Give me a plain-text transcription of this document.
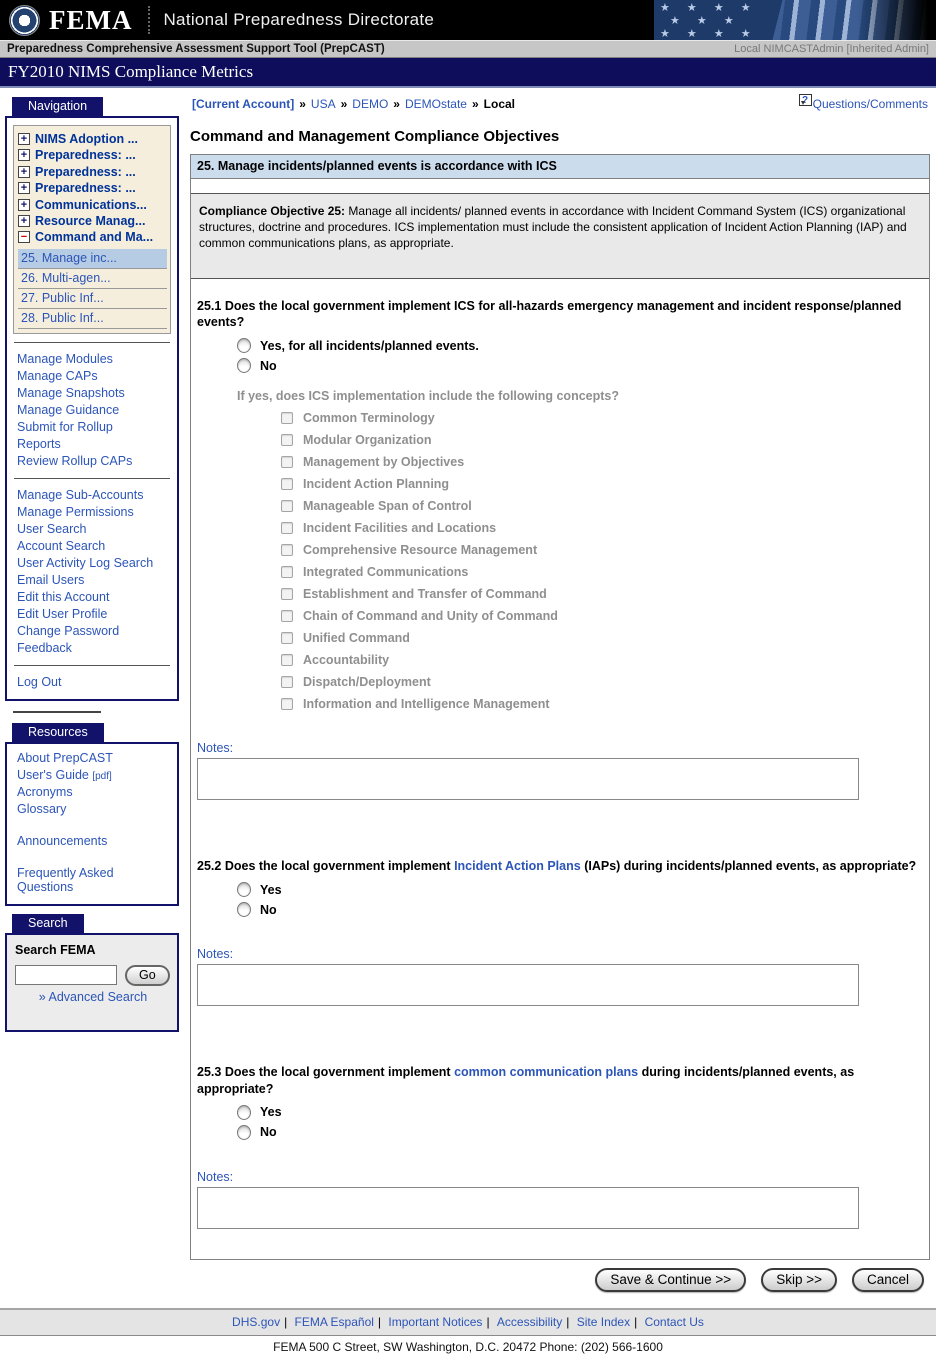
FEMA National Preparedness Directorate
★ ★ ★ ★
★ ★ ★
★ ★ ★ ★
Preparedness Comprehensive Assessment Support Tool (PrepCAST)	Local NIMCASTAdmin [Inherited Admin]
FY2010 NIMS Compliance Metrics
Navigation
+ NIMS Adoption ...
+ Preparedness: ...
+ Preparedness: ...
+ Preparedness: ...
+ Communications...
+ Resource Manag...
− Command and Ma...
25. Manage inc...
26. Multi-agen...
27. Public Inf...
28. Public Inf...
Manage Modules
Manage CAPs
Manage Snapshots
Manage Guidance
Submit for Rollup
Reports
Review Rollup CAPs
Manage Sub-Accounts
Manage Permissions
User Search
Account Search
User Activity Log Search
Email Users
Edit this Account
Edit User Profile
Change Password
Feedback
Log Out
Resources
About PrepCAST
User's Guide [pdf]
Acronyms
Glossary
Announcements
Frequently Asked Questions
Search
Search FEMA
Go
» Advanced Search
[Current Account] » USA » DEMO » DEMOstate » Local	? Questions/Comments
Command and Management Compliance Objectives
25. Manage incidents/planned events is accordance with ICS
Compliance Objective 25: Manage all incidents/ planned events in accordance with Incident Command System (ICS) organizational structures, doctrine and procedures. ICS implementation must include the consistent application of Incident Action Planning (IAP) and common communications plans, as appropriate.
25.1 Does the local government implement ICS for all-hazards emergency management and incident response/planned events?
Yes, for all incidents/planned events.
No
If yes, does ICS implementation include the following concepts?
Common Terminology
Modular Organization
Management by Objectives
Incident Action Planning
Manageable Span of Control
Incident Facilities and Locations
Comprehensive Resource Management
Integrated Communications
Establishment and Transfer of Command
Chain of Command and Unity of Command
Unified Command
Accountability
Dispatch/Deployment
Information and Intelligence Management
Notes:
25.2 Does the local government implement Incident Action Plans (IAPs) during incidents/planned events, as appropriate?
Yes
No
Notes:
25.3 Does the local government implement common communication plans during incidents/planned events, as appropriate?
Yes
No
Notes:
Save & Continue >>	Skip >>	Cancel
DHS.gov | FEMA Español | Important Notices | Accessibility | Site Index | Contact Us
FEMA 500 C Street, SW Washington, D.C. 20472 Phone: (202) 566-1600
